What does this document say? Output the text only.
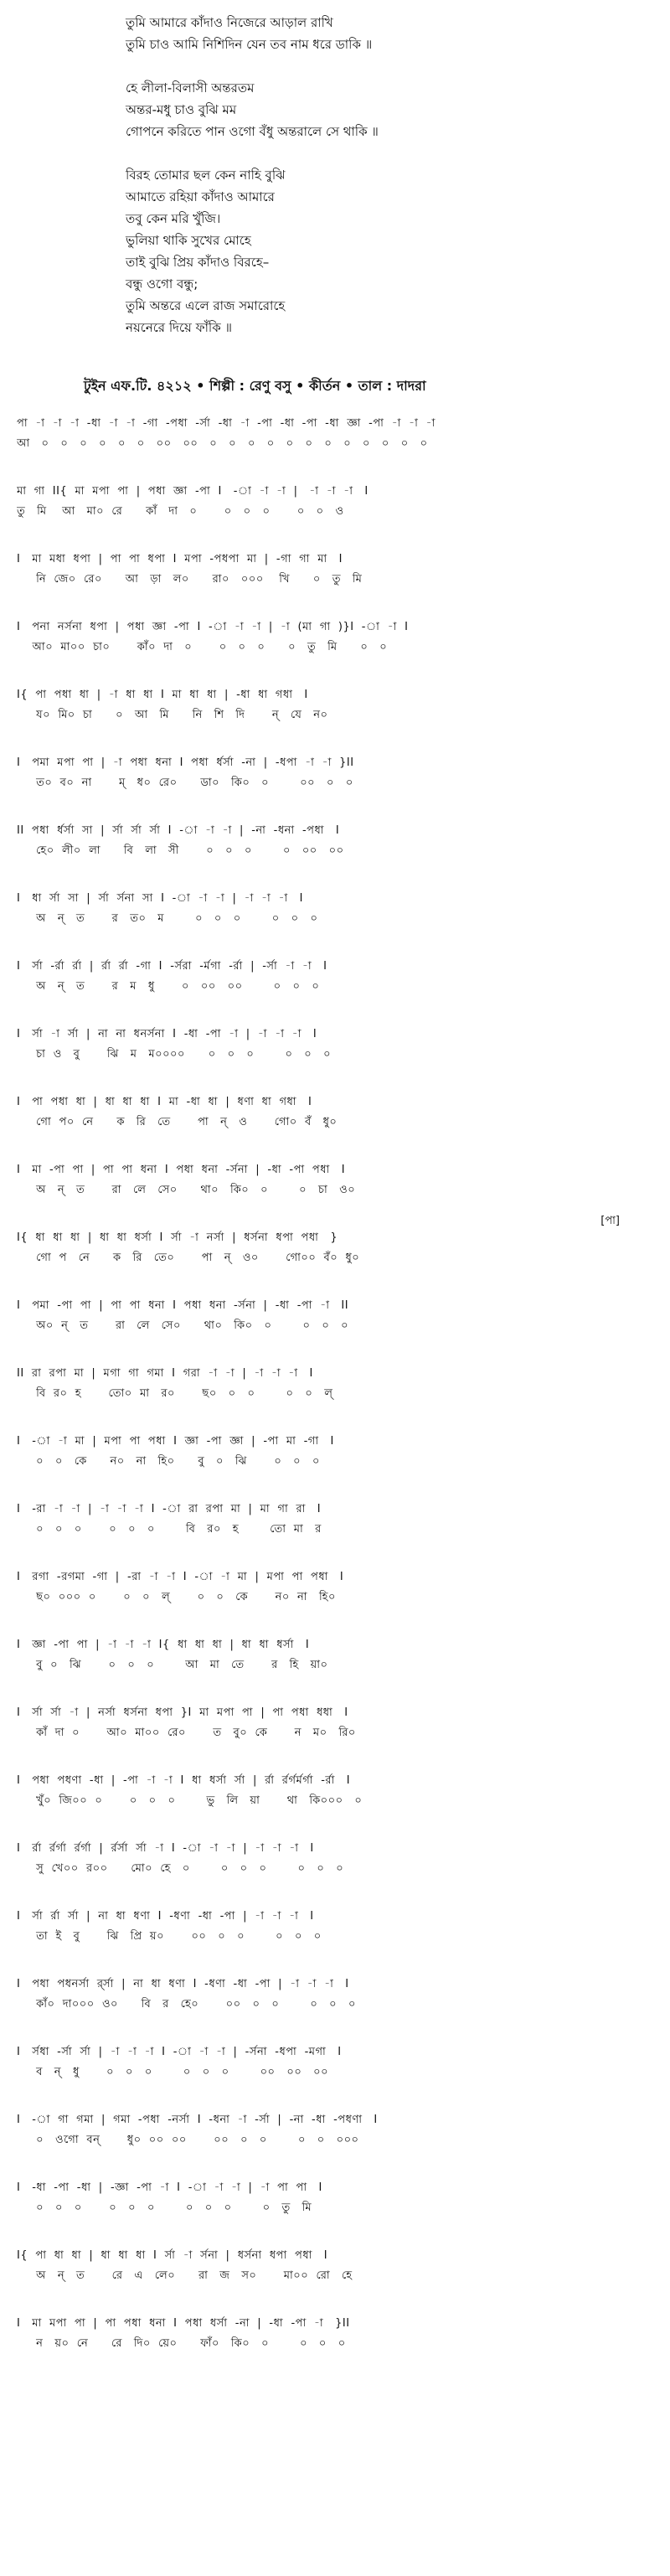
তুমি আমারে কাঁদাও নিজেরে আড়াল রাখি
তুমি চাও আমি নিশিদিন যেন তব নাম ধরে ডাকি ॥
হে লীলা-বিলাসী অন্তরতম
অন্তর-মধু চাও বুঝি মম
গোপনে করিতে পান ওগো বঁধু অন্তরালে সে থাকি ॥
বিরহ তোমার ছল কেন নাহি বুঝি
আমাতে রহিয়া কাঁদাও আমারে
তবু কেন মরি খুঁজি।
ভুলিয়া থাকি সুখের মোহে
তাই বুঝি প্রিয় কাঁদাও বিরহে–
বন্ধু ওগো বন্ধু;
তুমি অন্তরে এলে রাজ সমারোহে
নয়নেরে দিয়ে ফাঁকি ॥
টুইন এফ.টি. ৪২১২ • শিল্পী : রেণু বসু • কীর্তন • তাল : দাদরা
পা  -া  -া  -া  -ধা  -া  -া  -গা  -পধা  -র্সা  -ধা  -া  -পা  -ধা  -পা  -ধা  জ্ঞা  -পা  -া  -া  -া
আ   ০   ০   ০   ০   ০   ০   ০০   ০০   ০   ০   ০   ০   ০   ০   ০   ০   ০   ০   ০   ০
মা  গা  II{  মা  মপা  পা  |  পধা  জ্ঞা  -পা  I   -া  -া  -া  |   -া  -া  -া   I
তু   মি    আ   মা০  রে      কাঁ   দা   ০       ০   ০   ০       ০   ০   ও
I   মা  মধা  ধপা  |  পা  পা  ধপা  I  মপা  -পধপা  মা  |  -গা  গা  মা   I
নি  জে০  রে০      আ   ড়া   ল০      রা০   ০০০    খি      ০   তু   মি
I   পনা  নর্সনা  ধপা  |  পধা  জ্ঞা  -পা  I  -া  -া  -া  |  -া  (মা  গা  )}I  -া  -া  I
আ০  মা০০  চা০       কাঁ০  দা   ০       ০   ০   ০      ০   তু   মি      ০   ০
I{  পা  পধা  ধা  |  -া  ধা  ধা  I  মা  ধা  ধা  |  -ধা  ধা  গধা   I
য০  মি০  চা      ০   আ   মি      নি   শি   দি       ন্   যে   ন০
I   পমা  মপা  পা  |  -া  পধা  ধনা  I  পধা  র্ধর্সা  -না  |  -ধপা  -া  -া  }II
ত০  ব০  না       ম্   ধ০  রে০      ডা০   কি০   ০        ০০   ০   ০
II  পধা  র্ধর্সা  সা  |  র্সা  র্সা  র্সা  I  -া  -া  -া  |  -না  -ধনা  -পধা   I
হে০  লী০  লা      বি   লা   সী       ০   ০   ০        ০   ০০   ০০
I   ধা  র্সা  সা  |  র্সা  র্সনা  সা  I  -া  -া  -া  |  -া  -া  -া   I
অ   ন্   ত       র   ত০   ম        ০   ০   ০        ০   ০   ০
I   র্সা  -র্রা  র্রা  |  র্রা  র্রা  -গা  I  -র্সরা  -র্মগা  -র্রা  |  -র্সা  -া  -া   I
অ   ন্   ত       র   ম   ধু       ০   ০০   ০০        ০   ০   ০
I   র্সা  -া  র্সা  |  না  না  ধনর্সনা  I  -ধা  -পা  -া  |  -া  -া  -া   I
চা  ও   বু       ঝি   ম   ম০০০০      ০   ০   ০        ০   ০   ০
I   পা  পধা  ধা  |  ধা  ধা  ধা  I  মা  -ধা  ধা  |  ধণা  ধা  গধা   I
গো  প০  নে      ক   রি   তে       পা   ন্   ও       গো০  বঁ   ধু০
I   মা  -পা  পা  |  পা  পা  ধনা  I  পধা  ধনা  -র্সনা  |  -ধা  -পা  পধা   I
অ   ন্   ত       রা   লে   সে০      থা০   কি০   ০        ০   চা   ও০
I{  ধা  ধা  ধা  |  ধা  ধা  ধর্সা  I  র্সা  -া  নর্সা  |  ধর্সনা  ধপা  পধা   }
গো  প   নে      ক   রি   তে০       পা   ন্   ও০       গো০০  বঁ০  ধু০
[পা]
I   পমা  -পা  পা  |  পা  পা  ধনা  I  পধা  ধনা  -র্সনা  |  -ধা  -পা  -া   II
অ০  ন্   ত       রা   লে   সে০      থা০   কি০   ০        ০   ০   ০
II  রা  রপা  মা  |  মগা  গা  গমা  I  গরা  -া  -া  |  -া  -া  -া   I
বি  র০  হ       তো০  মা   র০       ছ০   ০   ০        ০   ০   ল্
I   -া  -া  মা  |  মপা  পা  পধা  I  জ্ঞা  -পা  জ্ঞা  |  -পা  মা  -গা   I
০   ০   কে      ন০   না   হি০      বু   ০   ঝি       ০   ০   ০
I   -রা  -া  -া  |  -া  -া  -া  I  -া  রা  রপা  মা  |  মা  গা  রা   I
০   ০   ০       ০   ০   ০        বি   র০   হ        তো  মা   র
I   রগা  -রগমা  -গা  |  -রা  -া  -া  I  -া  -া  মা  |  মপা  পা  পধা   I
ছ০  ০০০  ০       ০   ০   ল্       ০   ০   কে       ন০  না   হি০
I   জ্ঞা  -পা  পা  |  -া  -া  -া  I{  ধা  ধা  ধা  |  ধা  ধা  ধর্সা   I
বু  ০   ঝি       ০   ০   ০        আ   মা   তে       র   হি   য়া০
I   র্সা  র্সা  -া  |  নর্সা  ধর্সনা  ধপা  }I  মা  মপা  পা  |  পা  পধা  ধধা   I
কাঁ  দা  ০       আ০  মা০০  রে০       ত   বু০  কে       ন   ম০   রি০
I   পধা  পধণা  -ধা  |  -পা  -া  -া  I  ধা  ধর্সা  র্সা  |  র্রা  র্রর্গর্মর্গা  -র্রা   I
খুঁ০  জি০০  ০       ০   ০   ০        ভু   লি   য়া       থা   কি০০০   ০
I   র্রা  র্রর্গা  র্রর্গা  |  র্রর্সা  র্সা  -া  I  -া  -া  -া  |  -া  -া  -া   I
সু  খে০০  র০০      মো০  হে   ০        ০   ০   ০        ০   ০   ০
I   র্সা  র্রা  র্সা  |  না  ধা  ধণা  I  -ধণা  -ধা  -পা  |  -া  -া  -া   I
তা  ই   বু       ঝি   প্রি  য়০       ০০   ০   ০        ০   ০   ০
I   পধা  পধনর্সা  র্র্সা  |  না  ধা  ধণা  I  -ধণা  -ধা  -পা  |  -া  -া  -া   I
কাঁ০  দা০০০  ও০      বি   র   হে০       ০০   ০   ০        ০   ০   ০
I   র্সধা  -র্সা  র্সা  |  -া  -া  -া  I  -া  -া  -া  |  -র্সনা  -ধপা  -মগা   I
ব   ন্   ধু       ০   ০   ০        ০   ০   ০        ০০   ০০   ০০
I   -া  গা  গমা  |  গমা  -পধা  -নর্সা  I  -ধনা  -া  -র্সা  |  -না  -ধা  -পধণা   I
০   ওগো  বন্       ধু০  ০০  ০০       ০০   ০   ০        ০   ০   ০০০
I   -ধা  -পা  -ধা  |  -জ্ঞা  -পা  -া  I  -া  -া  -া  |  -া  পা  পা   I
০   ০   ০       ০   ০   ০        ০   ০   ০        ০   তু   মি
I{  পা  ধা  ধা  |  ধা  ধা  ধা  I  র্সা  -া  র্সনা  |  ধর্সনা  ধপা  পধা   I
অ   ন্   ত       রে   এ   লে০      রা   জ   স০       মা০০  রো   হে
I   মা  মপা  পা  |  পা  পধা  ধনা  I  পধা  ধর্সা  -না  |  -ধা  -পা  -া   }II
ন   য়০  নে      রে   দি০  য়ে০      ফাঁ০   কি০   ০        ০   ০   ০
